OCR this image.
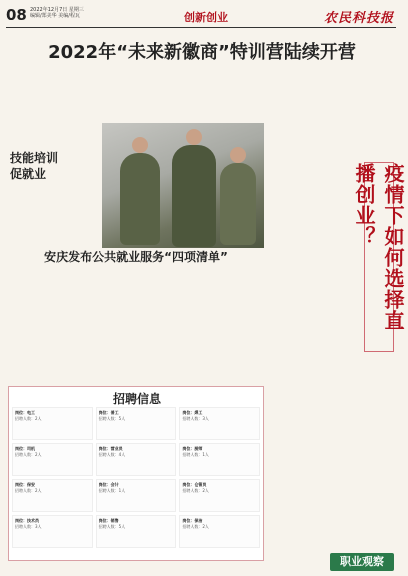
08 2022年12月7日 星期三
编辑/郑美华 美编/程瓦	创新创业	农民科技报
2022年“未来新徽商”特训营陆续开营
技能培训
促就业	疫情下如何选择直播创业？
安庆发布公共就业服务“四项清单”
招聘信息
岗位：电工
招聘人数：2人
岗位：普工
招聘人数：5人
岗位：焊工
招聘人数：3人
岗位：司机
招聘人数：2人
岗位：营业员
招聘人数：4人
岗位：厨师
招聘人数：1人
岗位：保安
招聘人数：2人
岗位：会计
招聘人数：1人
岗位：仓管员
招聘人数：2人
岗位：技术员
招聘人数：3人
岗位：销售
招聘人数：5人
岗位：保洁
招聘人数：2人
职业观察
